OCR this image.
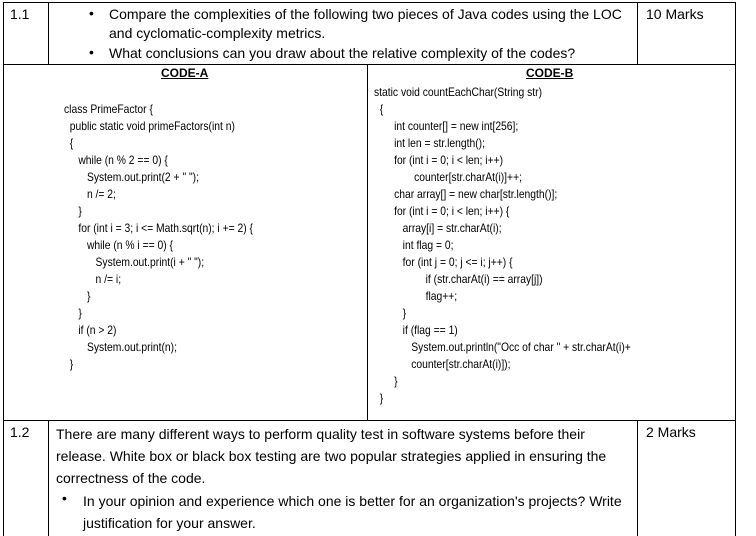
1.1	• Compare the complexities of the following two pieces of Java codes using the LOC and cyclomatic-complexity metrics.
• What conclusions can you draw about the relative complexity of the codes?
10 Marks
CODE-A	CODE-B
class PrimeFactor {
public static void primeFactors(int n)
{
while (n % 2 == 0) {
System.out.print(2 + " ");
n /= 2;
}
for (int i = 3; i <= Math.sqrt(n); i += 2) {
while (n % i == 0) {
System.out.print(i + " ");
n /= i;
}
}
if (n > 2)
System.out.print(n);
}
static void countEachChar(String str)
{
int counter[] = new int[256];
int len = str.length();
for (int i = 0; i < len; i++)
counter[str.charAt(i)]++;
char array[] = new char[str.length()];
for (int i = 0; i < len; i++) {
array[i] = str.charAt(i);
int flag = 0;
for (int j = 0; j <= i; j++) {
if (str.charAt(i) == array[j])
flag++;
}
if (flag == 1)
System.out.println("Occ of char " + str.charAt(i)+
counter[str.charAt(i)]);
}
}
1.2 There are many different ways to perform quality test in software systems before their release. White box or black box testing are two popular strategies applied in ensuring the correctness of the code.
• In your opinion and experience which one is better for an organization's projects? Write justification for your answer.
2 Marks
